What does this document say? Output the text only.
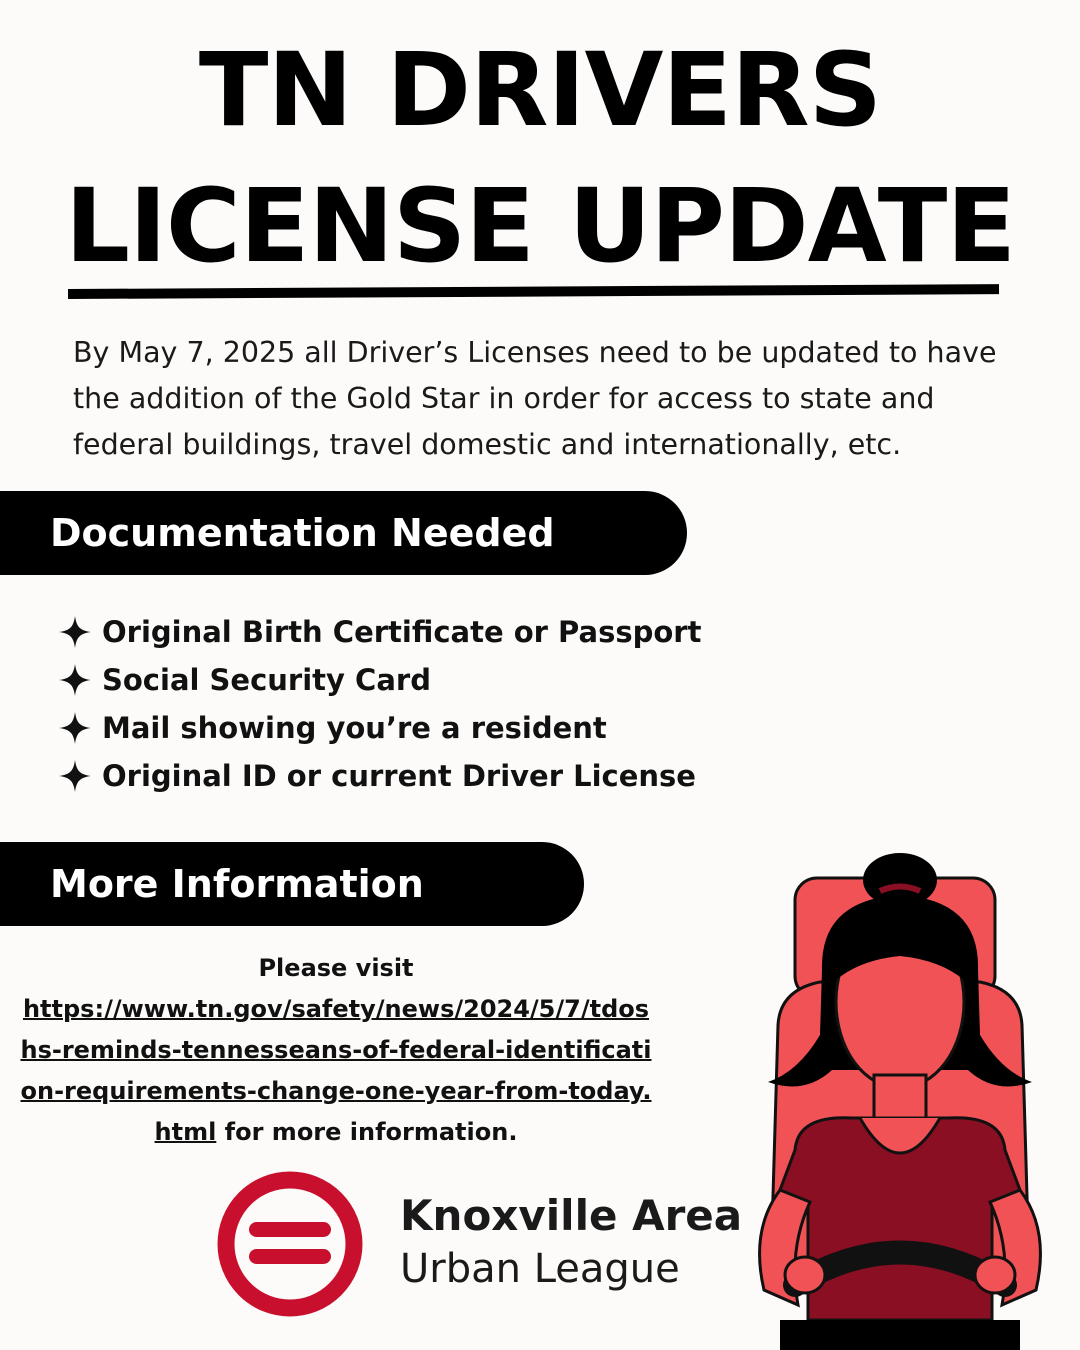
TN DRIVERS
LICENSE UPDATE

By May 7, 2025 all Driver’s Licenses need to be updated to have the addition of the Gold Star in order for access to state and federal buildings, travel domestic and internationally, etc.

Documentation Needed
Original Birth Certificate or Passport
Social Security Card
Mail showing you’re a resident
Original ID or current Driver License
More Information
Please visit
https://www.tn.gov/safety/news/2024/5/7/tdoshs-reminds-tennesseans-of-federal-identification-requirements-change-one-year-from-today.html for more information.
Knoxville Area
Urban League
